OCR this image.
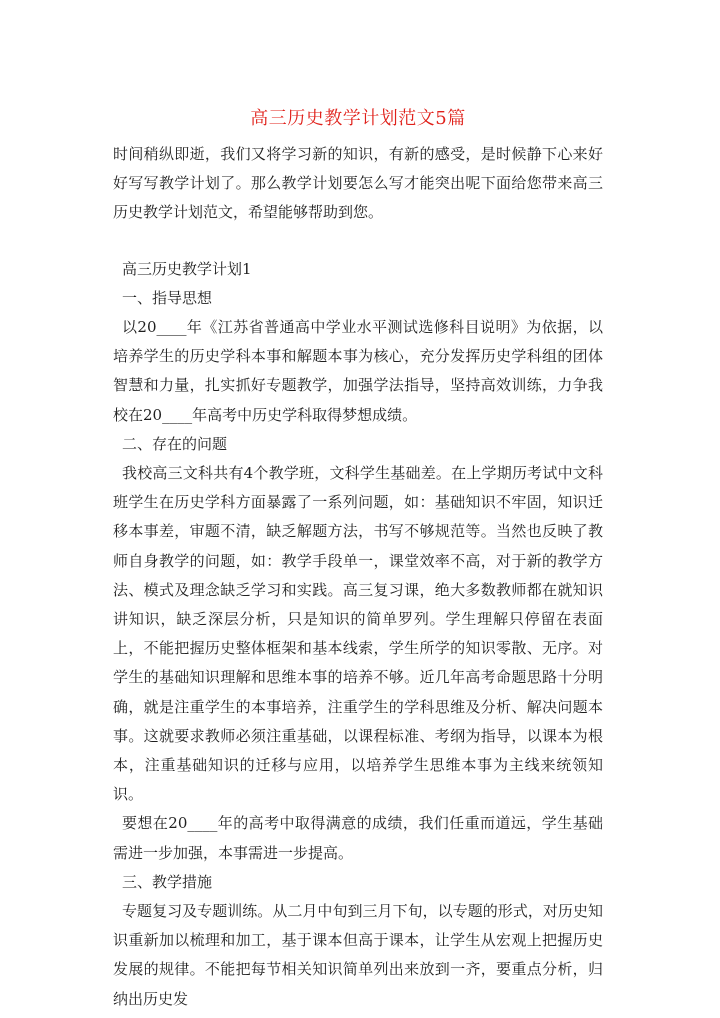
高三历史教学计划范文5篇

时间稍纵即逝，我们又将学习新的知识，有新的感受，是时候静下心来好好写写教学计划了。那么教学计划要怎么写才能突出呢下面给您带来高三历史教学计划范文，希望能够帮助到您。

高三历史教学计划1

一、指导思想

以20____年《江苏省普通高中学业水平测试选修科目说明》为依据，以培养学生的历史学科本事和解题本事为核心，充分发挥历史学科组的团体智慧和力量，扎实抓好专题教学，加强学法指导，坚持高效训练，力争我校在20____年高考中历史学科取得梦想成绩。

二、存在的问题

我校高三文科共有4个教学班，文科学生基础差。在上学期历考试中文科班学生在历史学科方面暴露了一系列问题，如：基础知识不牢固，知识迁移本事差，审题不清，缺乏解题方法，书写不够规范等。当然也反映了教师自身教学的问题，如：教学手段单一，课堂效率不高，对于新的教学方法、模式及理念缺乏学习和实践。高三复习课，绝大多数教师都在就知识讲知识，缺乏深层分析，只是知识的简单罗列。学生理解只停留在表面上，不能把握历史整体框架和基本线索，学生所学的知识零散、无序。对学生的基础知识理解和思维本事的培养不够。近几年高考命题思路十分明确，就是注重学生的本事培养，注重学生的学科思维及分析、解决问题本事。这就要求教师必须注重基础，以课程标准、考纲为指导，以课本为根本，注重基础知识的迁移与应用，以培养学生思维本事为主线来统领知识。

要想在20____年的高考中取得满意的成绩，我们任重而道远，学生基础需进一步加强，本事需进一步提高。

三、教学措施

专题复习及专题训练。从二月中旬到三月下旬，以专题的形式，对历史知识重新加以梳理和加工，基于课本但高于课本，让学生从宏观上把握历史发展的规律。不能把每节相关知识简单列出来放到一齐，要重点分析，归纳出历史发
